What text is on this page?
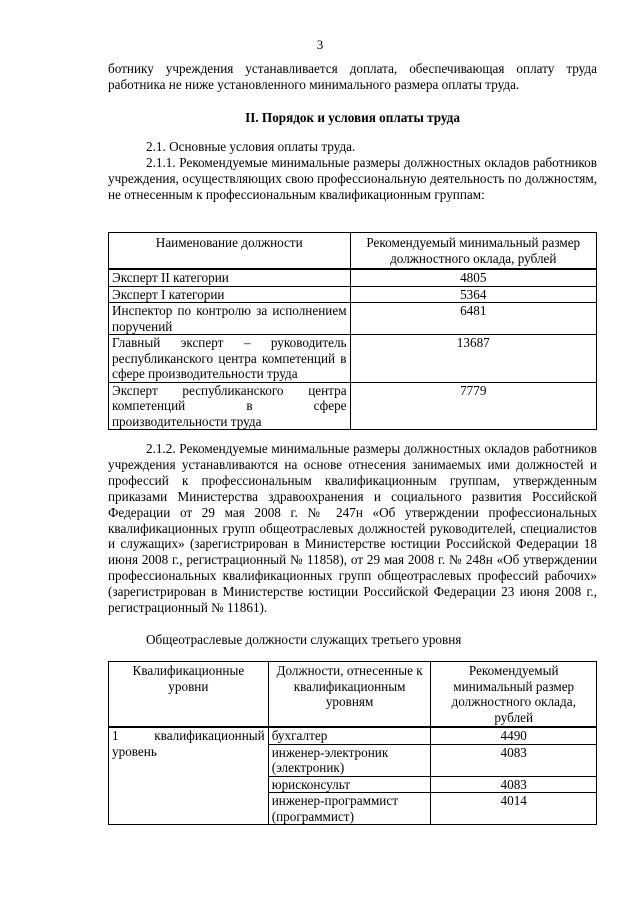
3

ботнику учреждения устанавливается доплата, обеспечивающая оплату труда работника не ниже установленного минимального размера оплаты труда.

II. Порядок и условия оплаты труда

2.1. Основные условия оплаты труда.

2.1.1. Рекомендуемые минимальные размеры должностных окладов работников учреждения, осуществляющих свою профессиональную деятельность по должностям, не отнесенным к профессиональным квалификационным группам:

Наименование должности	Рекомендуемый минимальный размер должностного оклада, рублей
Эксперт II категории	4805
Эксперт I категории	5364
Инспектор по контролю за исполнением поручений	6481
Главный эксперт – руководитель республиканского центра компетенций в сфере производительности труда	13687
Эксперт республиканского центра компетенций в сфере производительности труда	7779

2.1.2. Рекомендуемые минимальные размеры должностных окладов работников учреждения устанавливаются на основе отнесения занимаемых ими должностей и профессий к профессиональным квалификационным группам, утвержденным приказами Министерства здравоохранения и социального развития Российской Федерации от 29 мая 2008 г. № 247н «Об утверждении профессиональных квалификационных групп общеотраслевых должностей руководителей, специалистов и служащих» (зарегистрирован в Министерстве юстиции Российской Федерации 18 июня 2008 г., регистрационный № 11858), от 29 мая 2008 г. № 248н «Об утверждении профессиональных квалификационных групп общеотраслевых профессий рабочих» (зарегистрирован в Министерстве юстиции Российской Федерации 23 июня 2008 г., регистрационный № 11861).

Общеотраслевые должности служащих третьего уровня
Квалификационные уровни	Должности, отнесенные к квалификационным уровням	Рекомендуемый минимальный размер должностного оклада, рублей
1 квалификационный уровень	бухгалтер	4490
	инженер-электроник (электроник)	4083
	юрисконсульт	4083
	инженер-программист (программист)	4014
